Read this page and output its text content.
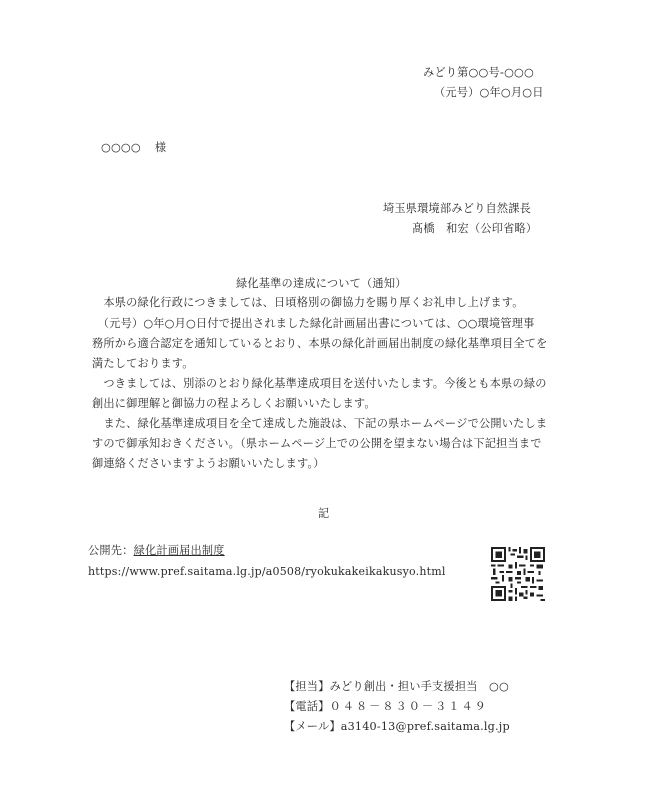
みどり第○○号-○○○
（元号）○年○月○日
○○○○ 様
埼玉県環境部みどり自然課長
髙橋　和宏（公印省略）
緑化基準の達成について（通知）
　本県の緑化行政につきましては、日頃格別の御協力を賜り厚くお礼申し上げます。
　（元号）○年○月○日付で提出されました緑化計画届出書については、○○環境管理事
務所から適合認定を通知しているとおり、本県の緑化計画届出制度の緑化基準項目全てを
満たしております。
　つきましては、別添のとおり緑化基準達成項目を送付いたします。今後とも本県の緑の
創出に御理解と御協力の程よろしくお願いいたします。
　また、緑化基準達成項目を全て達成した施設は、下記の県ホームページで公開いたしま
すので御承知おきください。（県ホームページ上での公開を望まない場合は下記担当まで
御連絡くださいますようお願いいたします。）
記
公開先：緑化計画届出制度
https://www.pref.saitama.lg.jp/a0508/ryokukakeikakusyo.html
【担当】みどり創出・担い手支援担当　○○
【電話】０４８－８３０－３１４９
【メール】a3140-13@pref.saitama.lg.jp
